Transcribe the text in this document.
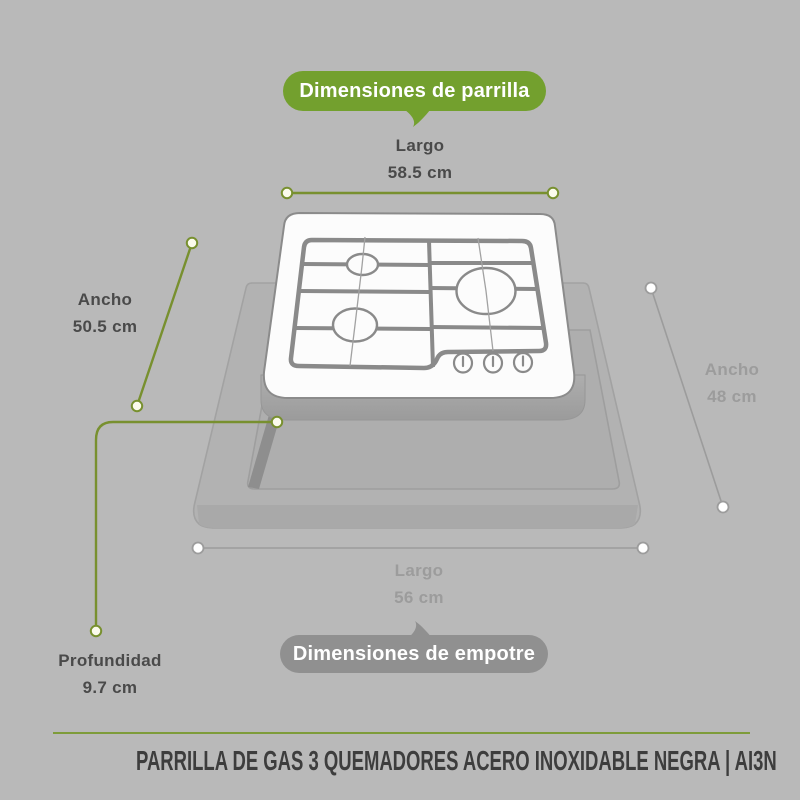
Dimensiones de parrilla
Dimensiones de empotre
Largo
58.5 cm
Ancho
50.5 cm
Ancho
48 cm
Largo
56 cm
Profundidad
9.7 cm
PARRILLA DE GAS 3 QUEMADORES ACERO INOXIDABLE NEGRA | AI3N
